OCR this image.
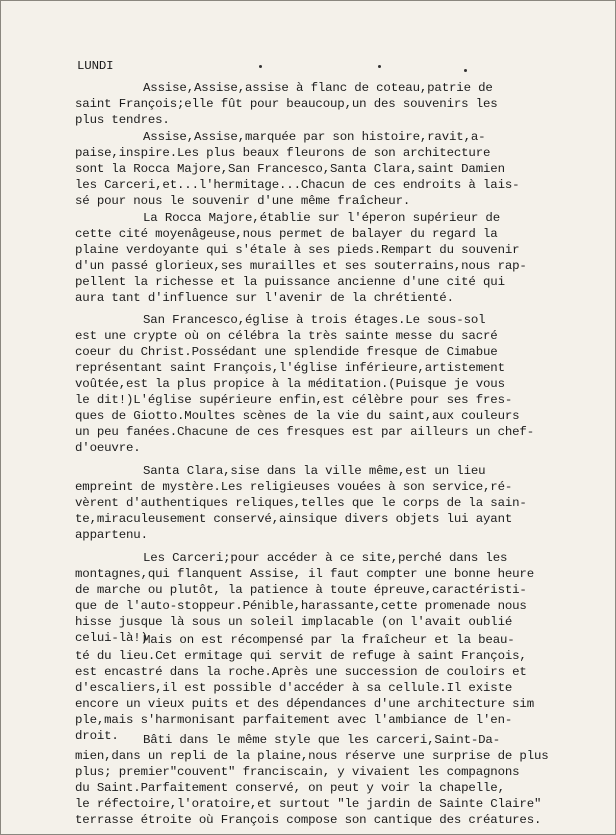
LUNDI
Assise,Assise,assise à flanc de coteau,patrie de
saint François;elle fût pour beaucoup,un des souvenirs les
plus tendres.
Assise,Assise,marquée par son histoire,ravit,a-
paise,inspire.Les plus beaux fleurons de son architecture
sont la Rocca Majore,San Francesco,Santa Clara,saint Damien
les Carceri,et...l'hermitage...Chacun de ces endroits à lais-
sé pour nous le souvenir d'une même fraîcheur.
La Rocca Majore,établie sur l'éperon supérieur de
cette cité moyenâgeuse,nous permet de balayer du regard la
plaine verdoyante qui s'étale à ses pieds.Rempart du souvenir
d'un passé glorieux,ses murailles et ses souterrains,nous rap-
pellent la richesse et la puissance ancienne d'une cité qui
aura tant d'influence sur l'avenir de la chrétienté.
San Francesco,église à trois étages.Le sous-sol
est une crypte où on célébra la très sainte messe du sacré
coeur du Christ.Possédant une splendide fresque de Cimabue
représentant saint François,l'église inférieure,artistement
voûtée,est la plus propice à la méditation.(Puisque je vous
le dit!)L'église supérieure enfin,est célèbre pour ses fres-
ques de Giotto.Moultes scènes de la vie du saint,aux couleurs
un peu fanées.Chacune de ces fresques est par ailleurs un chef-
d'oeuvre.
Santa Clara,sise dans la ville même,est un lieu
empreint de mystère.Les religieuses vouées à son service,ré-
vèrent d'authentiques reliques,telles que le corps de la sain-
te,miraculeusement conservé,ainsique divers objets lui ayant
appartenu.
Les Carceri;pour accéder à ce site,perché dans les
montagnes,qui flanquent Assise, il faut compter une bonne heure
de marche ou plutôt, la patience à toute épreuve,caractéristi-
que de l'auto-stoppeur.Pénible,harassante,cette promenade nous
hisse jusque là sous un soleil implacable (on l'avait oublié
celui-là!)
Mais on est récompensé par la fraîcheur et la beau-
té du lieu.Cet ermitage qui servit de refuge à saint François,
est encastré dans la roche.Après une succession de couloirs et
d'escaliers,il est possible d'accéder à sa cellule.Il existe
encore un vieux puits et des dépendances d'une architecture sim
ple,mais s'harmonisant parfaitement avec l'ambiance de l'en-
droit. Bâti dans le même style que les carceri,Saint-Da-
mien,dans un repli de la plaine,nous réserve une surprise de plus
plus; premier"couvent" franciscain, y vivaient les compagnons
du Saint.Parfaitement conservé, on peut y voir la chapelle,
le réfectoire,l'oratoire,et surtout "le jardin de Sainte Claire"
terrasse étroite où François compose son cantique des créatures.
